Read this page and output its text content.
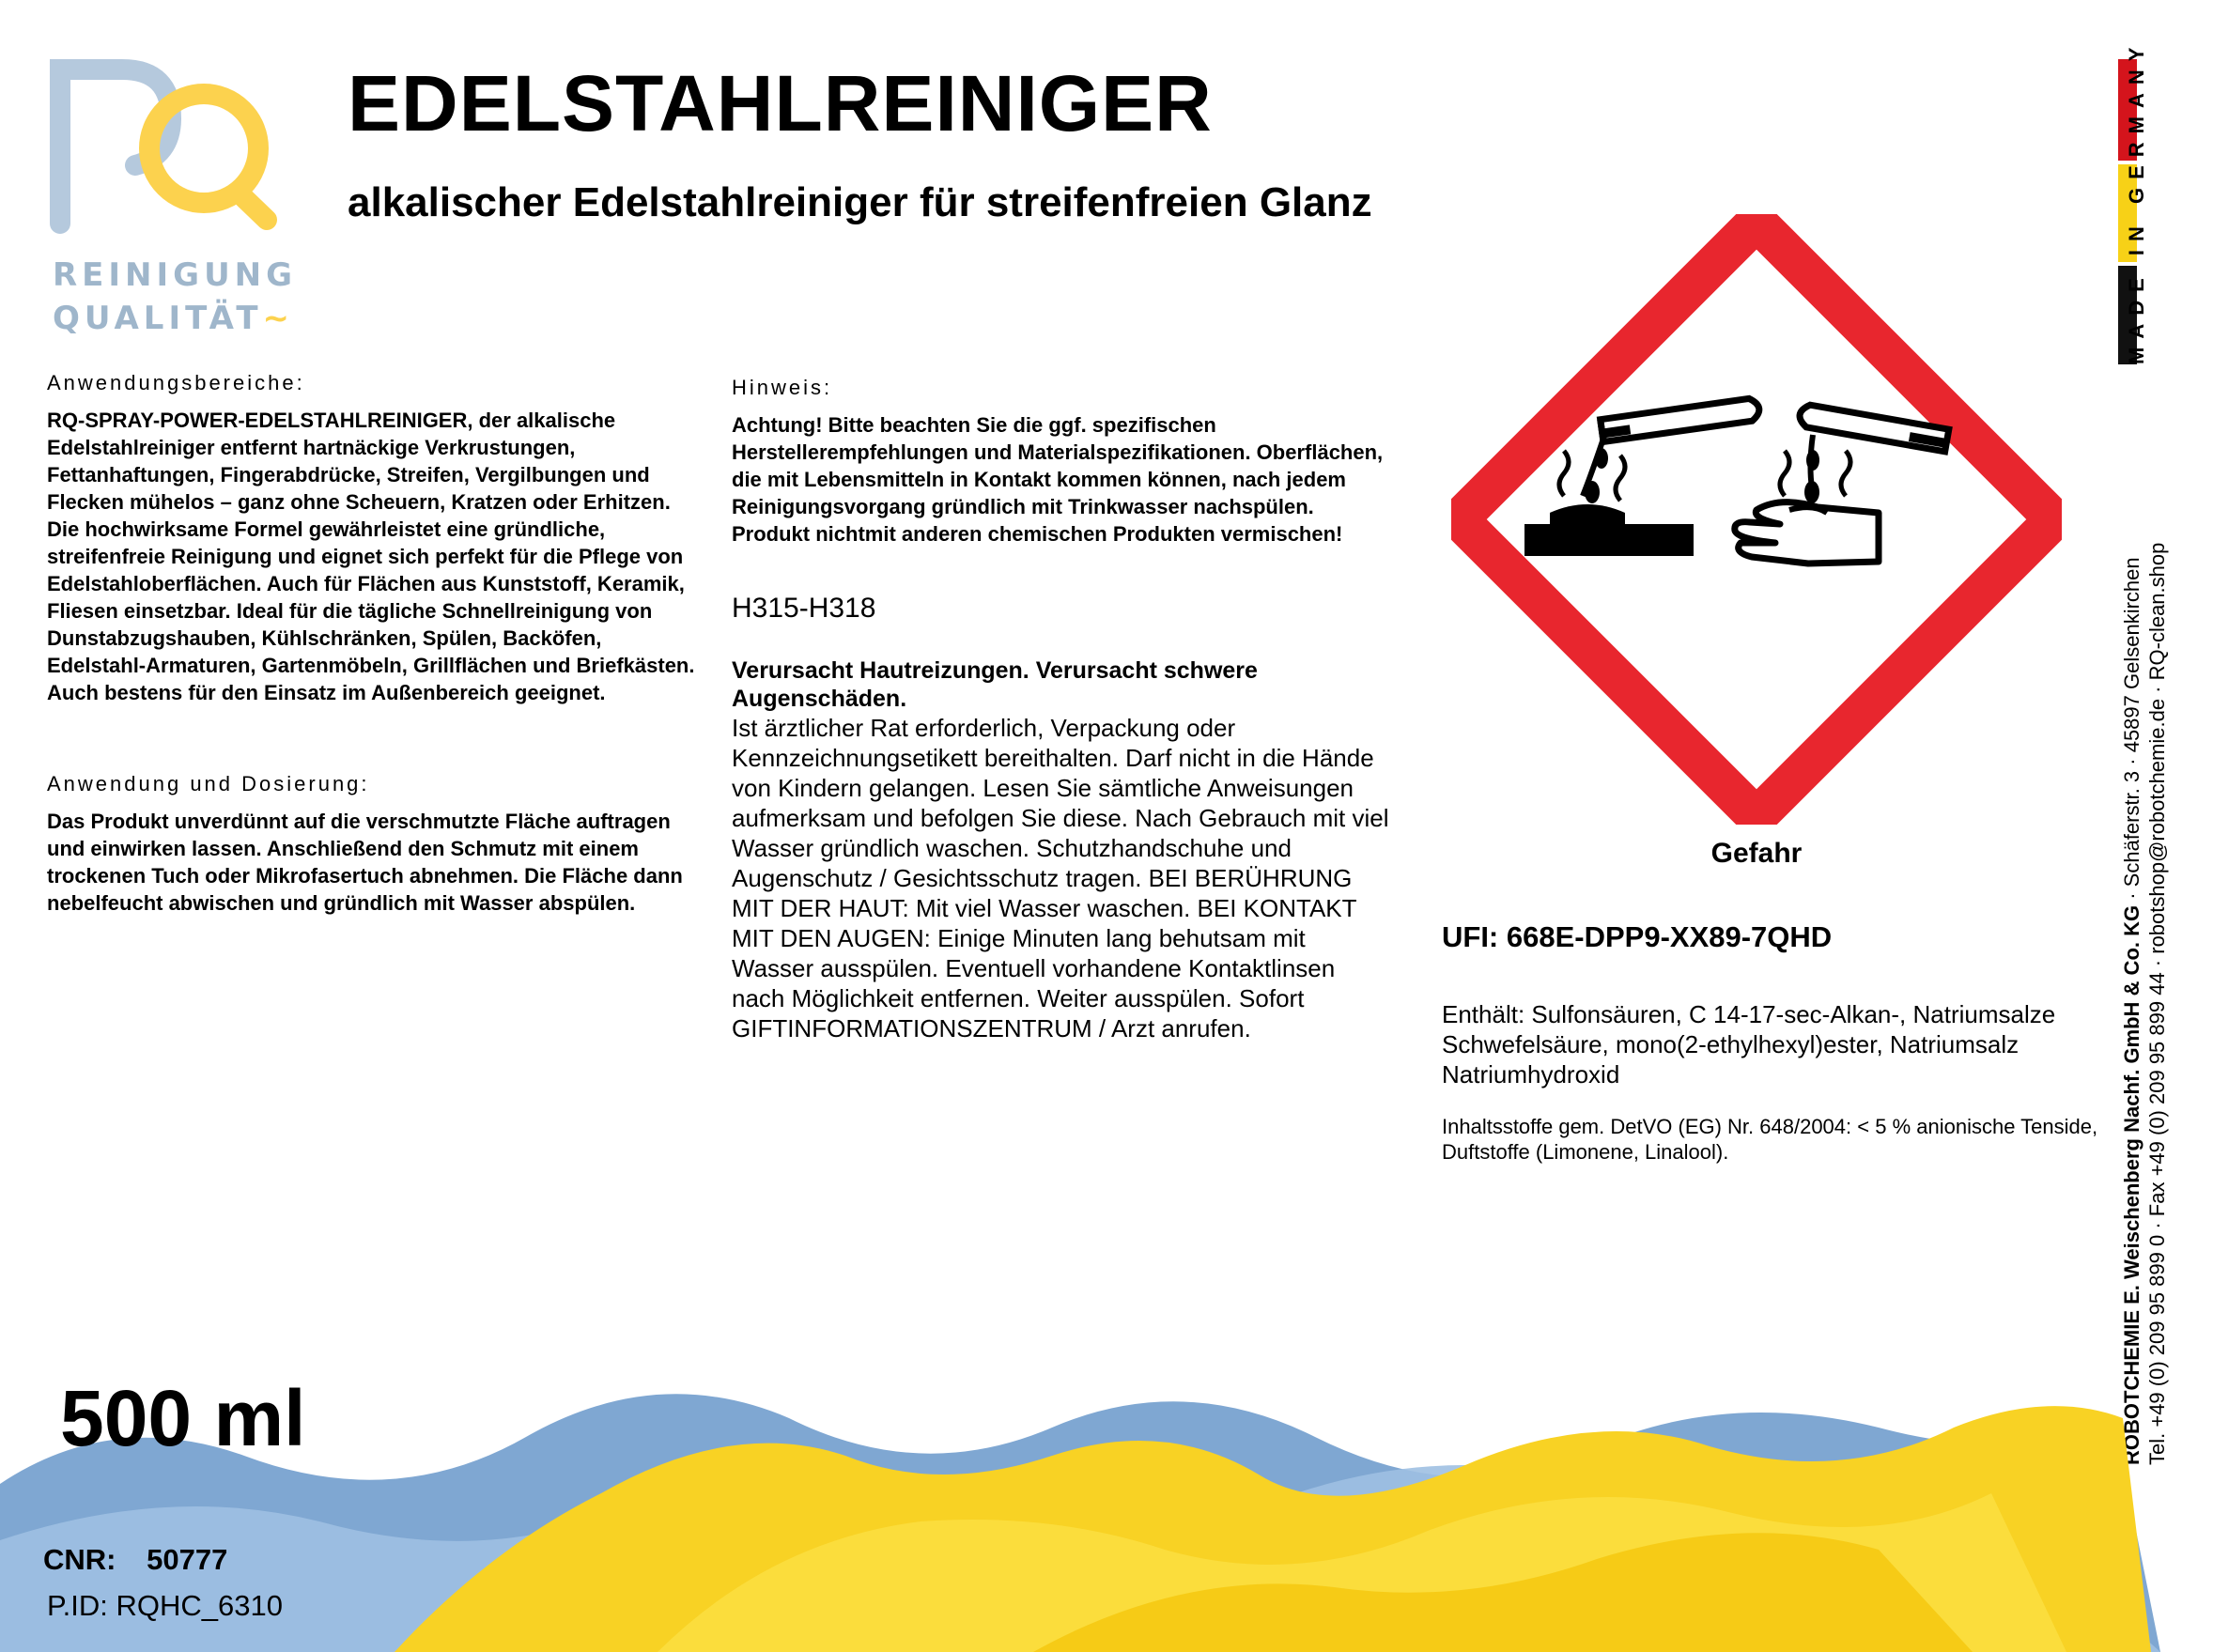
REINIGUNG
QUALITÄT~
EDELSTAHLREINIGER
alkalischer Edelstahlreiniger für streifenfreien Glanz

Anwendungsbereiche:

RQ-SPRAY-POWER-EDELSTAHLREINIGER, der alkalische Edelstahlreiniger entfernt hartnäckige Verkrustungen, Fettanhaftungen, Fingerabdrücke, Streifen, Vergilbungen und Flecken mühelos – ganz ohne Scheuern, Kratzen oder Erhitzen. Die hochwirksame Formel gewährleistet eine gründliche, streifenfreie Reinigung und eignet sich perfekt für die Pflege von Edelstahloberflächen. Auch für Flächen aus Kunststoff, Keramik, Fliesen einsetzbar. Ideal für die tägliche Schnellreinigung von Dunstabzugshauben, Kühlschränken, Spülen, Backöfen, Edelstahl-Armaturen, Gartenmöbeln, Grillflächen und Briefkästen. Auch bestens für den Einsatz im Außenbereich geeignet.

Anwendung und Dosierung:

Das Produkt unverdünnt auf die verschmutzte Fläche auftragen und einwirken lassen. Anschließend den Schmutz mit einem trockenen Tuch oder Mikrofasertuch abnehmen. Die Fläche dann nebelfeucht abwischen und gründlich mit Wasser abspülen.

Hinweis:

Achtung! Bitte beachten Sie die ggf. spezifischen Herstellerempfehlungen und Materialspezifikationen. Oberflächen, die mit Lebensmitteln in Kontakt kommen können, nach jedem Reinigungsvorgang gründlich mit Trinkwasser nachspülen. Produkt nichtmit anderen chemischen Produkten vermischen!

H315-H318

Verursacht Hautreizungen. Verursacht schwere Augenschäden.

Ist ärztlicher Rat erforderlich, Verpackung oder Kennzeichnungsetikett bereithalten. Darf nicht in die Hände von Kindern gelangen. Lesen Sie sämtliche Anweisungen aufmerksam und befolgen Sie diese. Nach Gebrauch mit viel Wasser gründlich waschen. Schutzhandschuhe und Augenschutz / Gesichtsschutz tragen. BEI BERÜHRUNG MIT DER HAUT: Mit viel Wasser waschen. BEI KONTAKT MIT DEN AUGEN: Einige Minuten lang behutsam mit Wasser ausspülen. Eventuell vorhandene Kontaktlinsen nach Möglichkeit entfernen. Weiter ausspülen. Sofort GIFTINFORMATIONSZENTRUM / Arzt anrufen.

Gefahr

UFI: 668E-DPP9-XX89-7QHD

Enthält: Sulfonsäuren, C 14-17-sec-Alkan-, Natriumsalze Schwefelsäure, mono(2-ethylhexyl)ester, Natriumsalz Natriumhydroxid

Inhaltsstoffe gem. DetVO (EG) Nr. 648/2004: < 5 % anionische Tenside, Duftstoffe (Limonene, Linalool).

MADE IN GERMANY
ROBOTCHEMIE E. Weischenberg Nachf. GmbH & Co. KG · Schäferstr. 3 · 45897 Gelsenkirchen Tel. +49 (0) 209 95 899 0 · Fax +49 (0) 209 95 899 44 · robotshop@robotchemie.de · RQ-clean.shop

500 ml

CNR: 50777
P.ID: RQHC_6310
